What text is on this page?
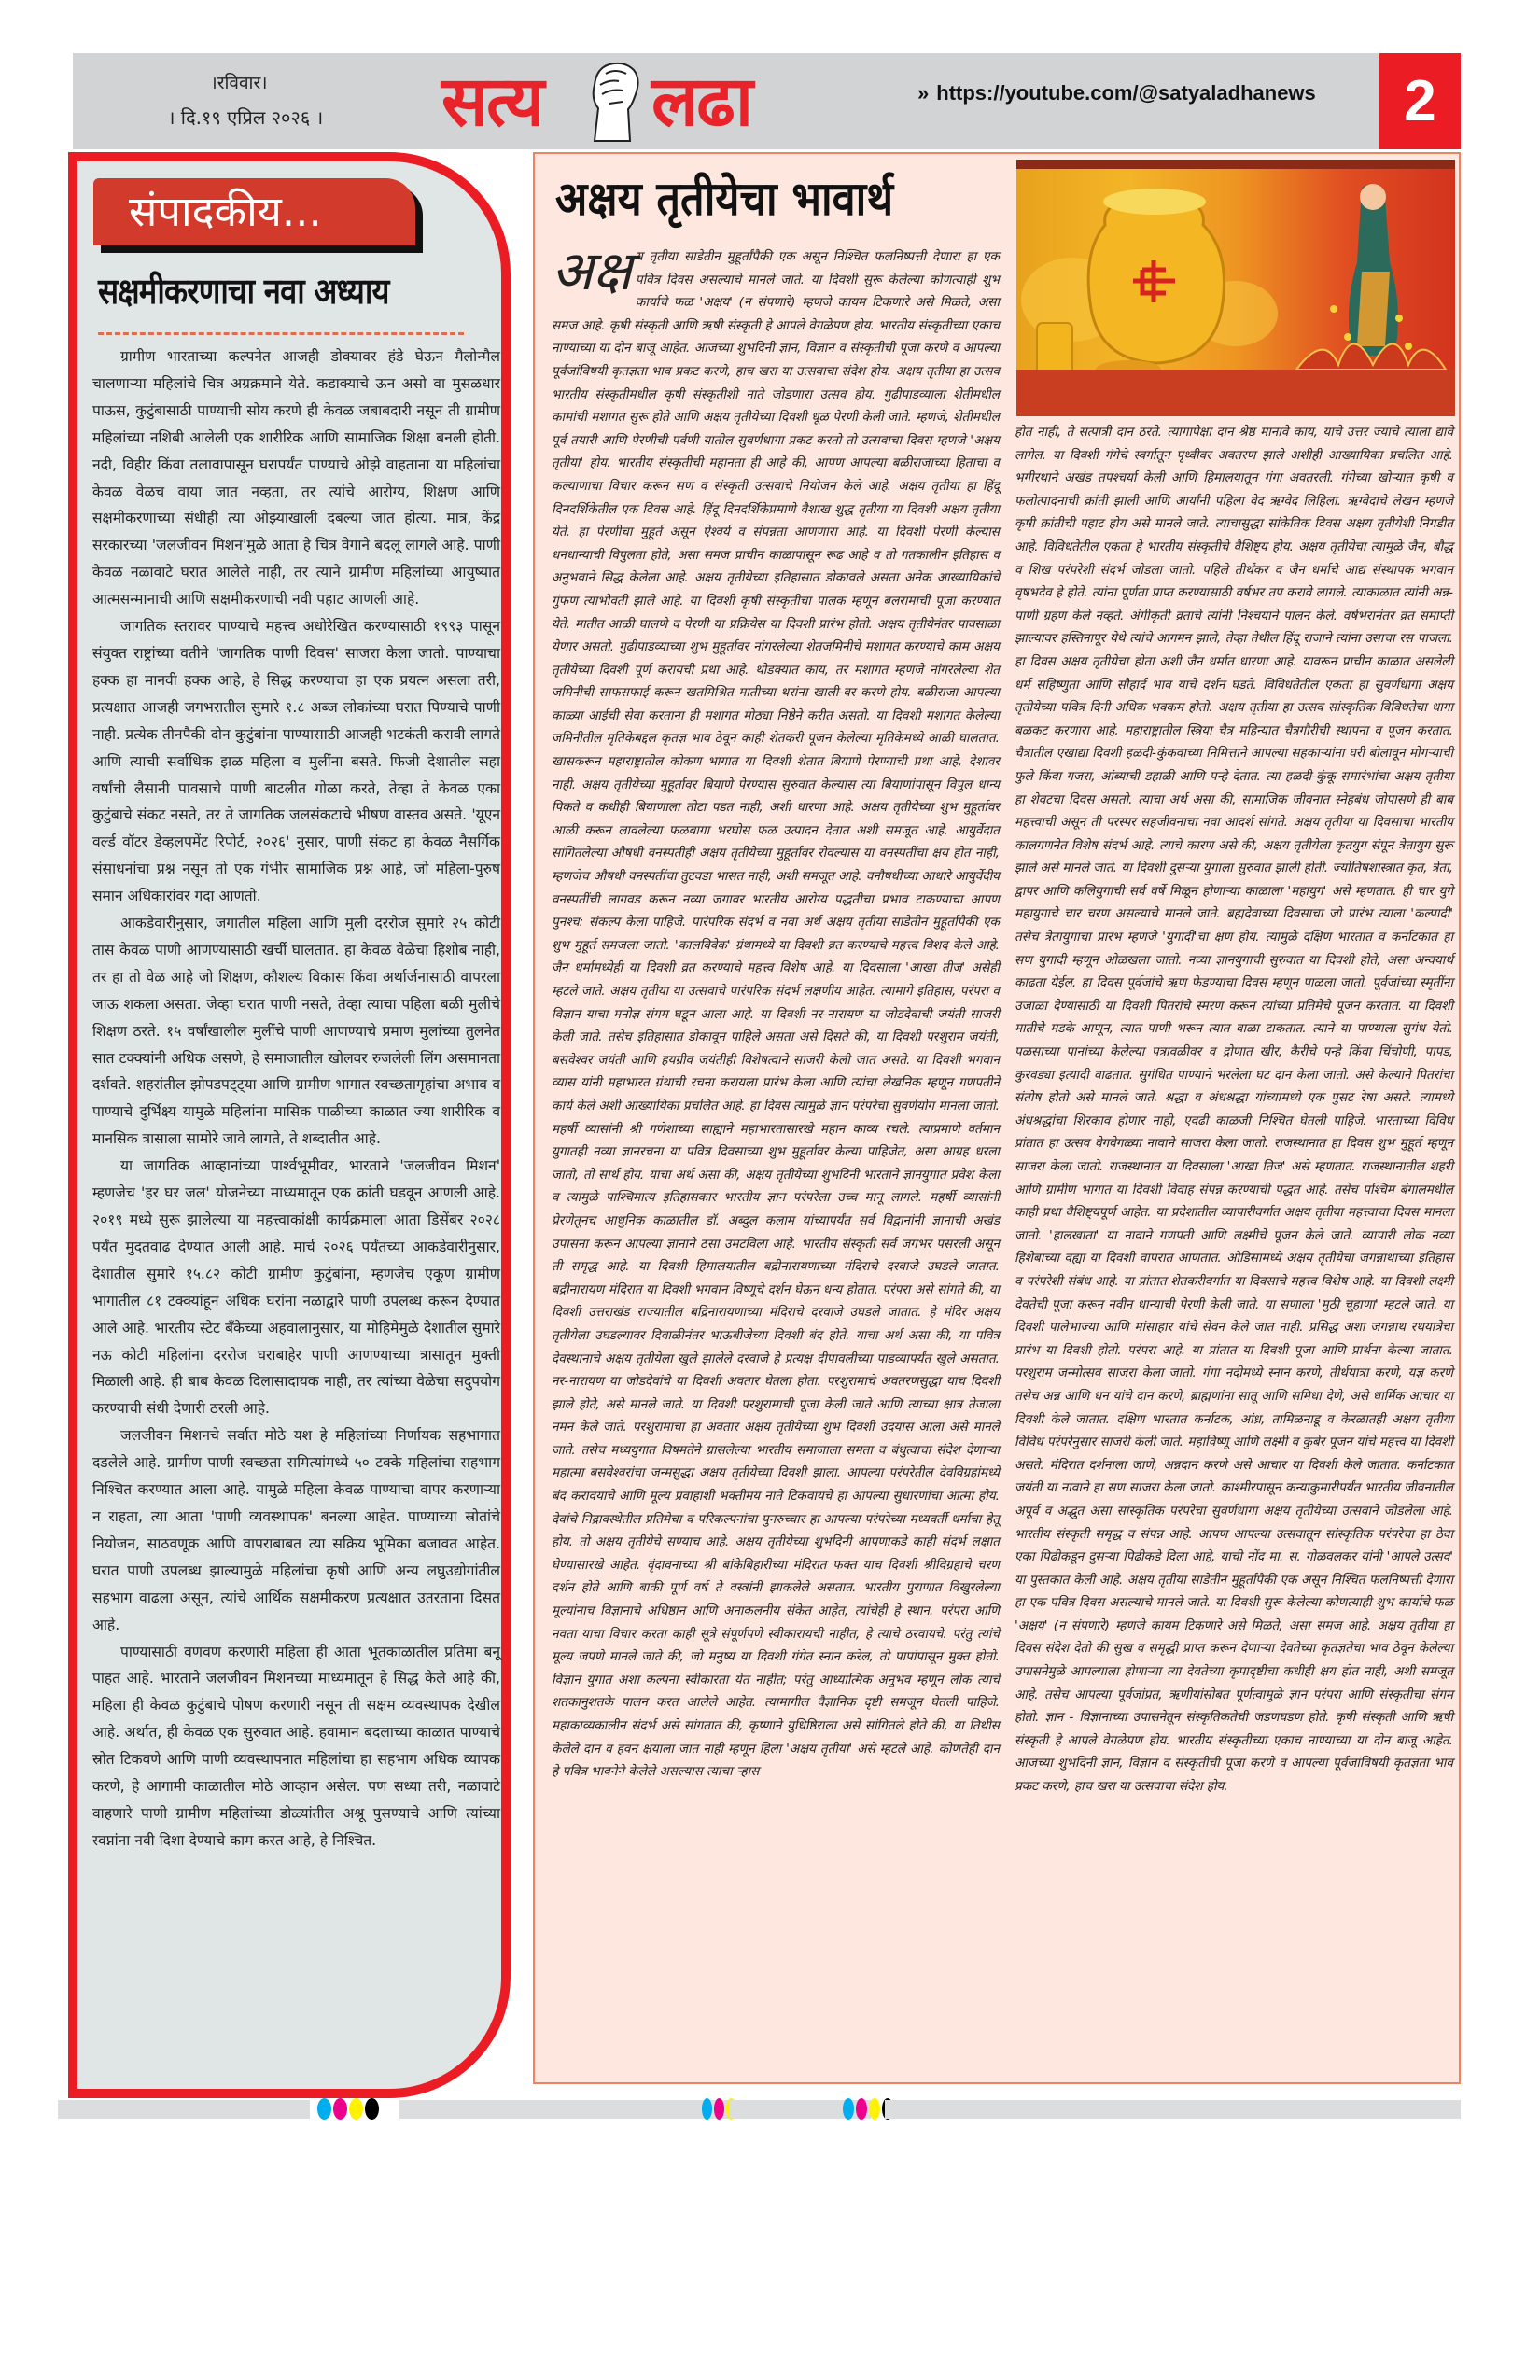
।रविवार।
। दि.१९ एप्रिल २०२६ ।	सत्य लढा	» https://youtube.com/@satyaladhanews	2
संपादकीय...
सक्षमीकरणाचा नवा अध्याय

ग्रामीण भारताच्या कल्पनेत आजही डोक्यावर हंडे घेऊन मैलोन्मैल चालणाऱ्या महिलांचे चित्र अग्रक्रमाने येते. कडाक्याचे ऊन असो वा मुसळधार पाऊस, कुटुंबासाठी पाण्याची सोय करणे ही केवळ जबाबदारी नसून ती ग्रामीण महिलांच्या नशिबी आलेली एक शारीरिक आणि सामाजिक शिक्षा बनली होती. नदी, विहीर किंवा तलावापासून घरापर्यंत पाण्याचे ओझे वाहताना या महिलांचा केवळ वेळच वाया जात नव्हता, तर त्यांचे आरोग्य, शिक्षण आणि सक्षमीकरणाच्या संधीही त्या ओझ्याखाली दबल्या जात होत्या. मात्र, केंद्र सरकारच्या 'जलजीवन मिशन'मुळे आता हे चित्र वेगाने बदलू लागले आहे. पाणी केवळ नळावाटे घरात आलेले नाही, तर त्याने ग्रामीण महिलांच्या आयुष्यात आत्मसन्मानाची आणि सक्षमीकरणाची नवी पहाट आणली आहे.

जागतिक स्तरावर पाण्याचे महत्त्व अधोरेखित करण्यासाठी १९९३ पासून संयुक्त राष्ट्रांच्या वतीने 'जागतिक पाणी दिवस' साजरा केला जातो. पाण्याचा हक्क हा मानवी हक्क आहे, हे सिद्ध करण्याचा हा एक प्रयत्न असला तरी, प्रत्यक्षात आजही जगभरातील सुमारे १.८ अब्ज लोकांच्या घरात पिण्याचे पाणी नाही. प्रत्येक तीनपैकी दोन कुटुंबांना पाण्यासाठी आजही भटकंती करावी लागते आणि त्याची सर्वाधिक झळ महिला व मुलींना बसते. फिजी देशातील सहा वर्षांची लैसानी पावसाचे पाणी बाटलीत गोळा करते, तेव्हा ते केवळ एका कुटुंबाचे संकट नसते, तर ते जागतिक जलसंकटाचे भीषण वास्तव असते. 'यूएन वर्ल्ड वॉटर डेव्हलपमेंट रिपोर्ट, २०२६' नुसार, पाणी संकट हा केवळ नैसर्गिक संसाधनांचा प्रश्न नसून तो एक गंभीर सामाजिक प्रश्न आहे, जो महिला-पुरुष समान अधिकारांवर गदा आणतो.

आकडेवारीनुसार, जगातील महिला आणि मुली दररोज सुमारे २५ कोटी तास केवळ पाणी आणण्यासाठी खर्ची घालतात. हा केवळ वेळेचा हिशोब नाही, तर हा तो वेळ आहे जो शिक्षण, कौशल्य विकास किंवा अर्थार्जनासाठी वापरला जाऊ शकला असता. जेव्हा घरात पाणी नसते, तेव्हा त्याचा पहिला बळी मुलीचे शिक्षण ठरते. १५ वर्षांखालील मुलींचे पाणी आणण्याचे प्रमाण मुलांच्या तुलनेत सात टक्क्यांनी अधिक असणे, हे समाजातील खोलवर रुजलेली लिंग असमानता दर्शवते. शहरांतील झोपडपट्ट्या आणि ग्रामीण भागात स्वच्छतागृहांचा अभाव व पाण्याचे दुर्भिक्ष्य यामुळे महिलांना मासिक पाळीच्या काळात ज्या शारीरिक व मानसिक त्रासाला सामोरे जावे लागते, ते शब्दातीत आहे.

या जागतिक आव्हानांच्या पार्श्वभूमीवर, भारताने 'जलजीवन मिशन' म्हणजेच 'हर घर जल' योजनेच्या माध्यमातून एक क्रांती घडवून आणली आहे. २०१९ मध्ये सुरू झालेल्या या महत्त्वाकांक्षी कार्यक्रमाला आता डिसेंबर २०२८ पर्यंत मुदतवाढ देण्यात आली आहे. मार्च २०२६ पर्यंतच्या आकडेवारीनुसार, देशातील सुमारे १५.८२ कोटी ग्रामीण कुटुंबांना, म्हणजेच एकूण ग्रामीण भागातील ८१ टक्क्यांहून अधिक घरांना नळाद्वारे पाणी उपलब्ध करून देण्यात आले आहे. भारतीय स्टेट बँकेच्या अहवालानुसार, या मोहिमेमुळे देशातील सुमारे नऊ कोटी महिलांना दररोज घराबाहेर पाणी आणण्याच्या त्रासातून मुक्ती मिळाली आहे. ही बाब केवळ दिलासादायक नाही, तर त्यांच्या वेळेचा सदुपयोग करण्याची संधी देणारी ठरली आहे.

जलजीवन मिशनचे सर्वात मोठे यश हे महिलांच्या निर्णायक सहभागात दडलेले आहे. ग्रामीण पाणी स्वच्छता समित्यांमध्ये ५० टक्के महिलांचा सहभाग निश्चित करण्यात आला आहे. यामुळे महिला केवळ पाण्याचा वापर करणाऱ्या न राहता, त्या आता 'पाणी व्यवस्थापक' बनल्या आहेत. पाण्याच्या स्रोतांचे नियोजन, साठवणूक आणि वापराबाबत त्या सक्रिय भूमिका बजावत आहेत. घरात पाणी उपलब्ध झाल्यामुळे महिलांचा कृषी आणि अन्य लघुउद्योगांतील सहभाग वाढला असून, त्यांचे आर्थिक सक्षमीकरण प्रत्यक्षात उतरताना दिसत आहे.

पाण्यासाठी वणवण करणारी महिला ही आता भूतकाळातील प्रतिमा बनू पाहत आहे. भारताने जलजीवन मिशनच्या माध्यमातून हे सिद्ध केले आहे की, महिला ही केवळ कुटुंबाचे पोषण करणारी नसून ती सक्षम व्यवस्थापक देखील आहे. अर्थात, ही केवळ एक सुरुवात आहे. हवामान बदलाच्या काळात पाण्याचे स्रोत टिकवणे आणि पाणी व्यवस्थापनात महिलांचा हा सहभाग अधिक व्यापक करणे, हे आगामी काळातील मोठे आव्हान असेल. पण सध्या तरी, नळावाटे वाहणारे पाणी ग्रामीण महिलांच्या डोळ्यांतील अश्रू पुसण्याचे आणि त्यांच्या स्वप्नांना नवी दिशा देण्याचे काम करत आहे, हे निश्चित.

अक्षय तृतीयेचा भावार्थ
अक्ष य तृतीया साडेतीन मुहूर्तांपैकी एक असून निश्चित फलनिष्पत्ती देणारा हा एक पवित्र दिवस असल्याचे मानले जाते. या दिवशी सुरू केलेल्या कोणत्याही शुभ कार्याचे फळ 'अक्षय' (न संपणारे) म्हणजे कायम टिकणारे असे मिळते, असा समज आहे. कृषी संस्कृती आणि ऋषी संस्कृती हे आपले वेगळेपण होय. भारतीय संस्कृतीच्या एकाच नाण्याच्या या दोन बाजू आहेत. आजच्या शुभदिनी ज्ञान, विज्ञान व संस्कृतीची पूजा करणे व आपल्या पूर्वजांविषयी कृतज्ञता भाव प्रकट करणे, हाच खरा या उत्सवाचा संदेश होय. अक्षय तृतीया हा उत्सव भारतीय संस्कृतीमधील कृषी संस्कृतीशी नाते जोडणारा उत्सव होय. गुढीपाडव्याला शेतीमधील कामांची मशागत सुरू होते आणि अक्षय तृतीयेच्या दिवशी धूळ पेरणी केली जाते. म्हणजे, शेतीमधील पूर्व तयारी आणि पेरणीची पर्वणी यातील सुवर्णधागा प्रकट करतो तो उत्सवाचा दिवस म्हणजे 'अक्षय तृतीया' होय. भारतीय संस्कृतीची महानता ही आहे की, आपण आपल्या बळीराजाच्या हिताचा व कल्याणाचा विचार करून सण व संस्कृती उत्सवाचे नियोजन केले आहे. अक्षय तृतीया हा हिंदू दिनदर्शिकेतील एक दिवस आहे. हिंदू दिनदर्शिकेप्रमाणे वैशाख शुद्ध तृतीया या दिवशी अक्षय तृतीया येते. हा पेरणीचा मुहूर्त असून ऐश्वर्य व संपन्नता आणणारा आहे. या दिवशी पेरणी केल्यास धनधान्याची विपुलता होते, असा समज प्राचीन काळापासून रूढ आहे व तो गतकालीन इतिहास व अनुभवाने सिद्ध केलेला आहे. अक्षय तृतीयेच्या इतिहासात डोकावले असता अनेक आख्यायिकांचे गुंफण त्याभोवती झाले आहे. या दिवशी कृषी संस्कृतीचा पालक म्हणून बलरामाची पूजा करण्यात येते. मातीत आळी घालणे व पेरणी या प्रक्रियेस या दिवशी प्रारंभ होतो. अक्षय तृतीयेनंतर पावसाळा येणार असतो. गुढीपाडव्याच्या शुभ मुहूर्तावर नांगरलेल्या शेतजमिनीचे मशागत करण्याचे काम अक्षय तृतीयेच्या दिवशी पूर्ण करायची प्रथा आहे. थोडक्यात काय, तर मशागत म्हणजे नांगरलेल्या शेत जमिनीची साफसफाई करून खतमिश्रित मातीच्या थरांना खाली-वर करणे होय. बळीराजा आपल्या काळ्या आईची सेवा करताना ही मशागत मोठ्या निष्ठेने करीत असतो. या दिवशी मशागत केलेल्या जमिनीतील मृतिकेबद्दल कृतज्ञ भाव ठेवून काही शेतकरी पूजन केलेल्या मृतिकेमध्ये आळी घालतात. खासकरून महाराष्ट्रातील कोकण भागात या दिवशी शेतात बियाणे पेरण्याची प्रथा आहे, देशावर नाही. अक्षय तृतीयेच्या मुहूर्तावर बियाणे पेरण्यास सुरुवात केल्यास त्या बियाणांपासून विपुल धान्य पिकते व कधीही बियाणाला तोटा पडत नाही, अशी धारणा आहे. अक्षय तृतीयेच्या शुभ मुहूर्तावर आळी करून लावलेल्या फळबागा भरघोस फळ उत्पादन देतात अशी समजूत आहे. आयुर्वेदात सांगितलेल्या औषधी वनस्पतीही अक्षय तृतीयेच्या मुहूर्तावर रोवल्यास या वनस्पतींचा क्षय होत नाही, म्हणजेच औषधी वनस्पतींचा तुटवडा भासत नाही, अशी समजूत आहे. वनौषधीच्या आधारे आयुर्वेदीय वनस्पतींची लागवड करून नव्या जगावर भारतीय आरोग्य पद्धतीचा प्रभाव टाकण्याचा आपण पुनश्च: संकल्प केला पाहिजे. पारंपरिक संदर्भ व नवा अर्थ अक्षय तृतीया साडेतीन मुहूर्तांपैकी एक शुभ मुहूर्त समजला जातो. 'कालविवेक' ग्रंथामध्ये या दिवशी व्रत करण्याचे महत्त्व विशद केले आहे. जैन धर्मामध्येही या दिवशी व्रत करण्याचे महत्त्व विशेष आहे. या दिवसाला 'आखा तीज' असेही म्हटले जाते. अक्षय तृतीया या उत्सवाचे पारंपरिक संदर्भ लक्षणीय आहेत. त्यामागे इतिहास, परंपरा व विज्ञान याचा मनोज्ञ संगम घडून आला आहे. या दिवशी नर-नारायण या जोडदेवाची जयंती साजरी केली जाते. तसेच इतिहासात डोकावून पाहिले असता असे दिसते की, या दिवशी परशुराम जयंती, बसवेश्वर जयंती आणि हयग्रीव जयंतीही विशेषत्वाने साजरी केली जात असते. या दिवशी भगवान व्यास यांनी महाभारत ग्रंथाची रचना करायला प्रारंभ केला आणि त्यांचा लेखनिक म्हणून गणपतीने कार्य केले अशी आख्यायिका प्रचलित आहे. हा दिवस त्यामुळे ज्ञान परंपरेचा सुवर्णयोग मानला जातो. महर्षी व्यासांनी श्री गणेशाच्या साह्याने महाभारतासारखे महान काव्य रचले. त्याप्रमाणे वर्तमान युगातही नव्या ज्ञानरचना या पवित्र दिवसाच्या शुभ मुहूर्तावर केल्या पाहिजेत, असा आग्रह धरला जातो, तो सार्थ होय. याचा अर्थ असा की, अक्षय तृतीयेच्या शुभदिनी भारताने ज्ञानयुगात प्रवेश केला व त्यामुळे पाश्चिमात्य इतिहासकार भारतीय ज्ञान परंपरेला उच्च मानू लागले. महर्षी व्यासांनी प्रेरणेतूनच आधुनिक काळातील डॉ. अब्दुल कलाम यांच्यापर्यंत सर्व विद्वानांनी ज्ञानाची अखंड उपासना करून आपल्या ज्ञानाने ठसा उमटविला आहे. भारतीय संस्कृती सर्व जगभर पसरली असून ती समृद्ध आहे. या दिवशी हिमालयातील बद्रीनारायणाच्या मंदिराचे दरवाजे उघडले जातात. बद्रीनारायण मंदिरात या दिवशी भगवान विष्णूचे दर्शन घेऊन धन्य होतात. परंपरा असे सांगते की, या दिवशी उत्तराखंड राज्यातील बद्रिनारायणाच्या मंदिराचे दरवाजे उघडले जातात. हे मंदिर अक्षय तृतीयेला उघडल्यावर दिवाळीनंतर भाऊबीजेच्या दिवशी बंद होते. याचा अर्थ असा की, या पवित्र देवस्थानाचे अक्षय तृतीयेला खुले झालेले दरवाजे हे प्रत्यक्ष दीपावलीच्या पाडव्यापर्यंत खुले असतात. नर-नारायण या जोडदेवांचे या दिवशी अवतार घेतला होता. परशुरामाचे अवतरणसुद्धा याच दिवशी झाले होते, असे मानले जाते. या दिवशी परशुरामाची पूजा केली जाते आणि त्याच्या क्षात्र तेजाला नमन केले जाते. परशुरामाचा हा अवतार अक्षय तृतीयेच्या शुभ दिवशी उदयास आला असे मानले जाते. तसेच मध्ययुगात विषमतेने ग्रासलेल्या भारतीय समाजाला समता व बंधुत्वाचा संदेश देणाऱ्या महात्मा बसवेश्वरांचा जन्मसुद्धा अक्षय तृतीयेच्या दिवशी झाला. आपल्या परंपरेतील देवविग्रहांमध्ये बंद करावयाचे आणि मूल्य प्रवाहाशी भक्तीमय नाते टिकवायचे हा आपल्या सुधारणांचा आत्मा होय. देवांचे निद्रावस्थेतील प्रतिमेचा व परिकल्पनांचा पुनरुच्चार हा आपल्या परंपरेच्या मध्यवर्ती धर्माचा हेतू होय. तो अक्षय तृतीयेचे सण्याच आहे. अक्षय तृतीयेच्या शुभदिनी आपणाकडे काही संदर्भ लक्षात घेण्यासारखे आहेत. वृंदावनाच्या श्री बांकेबिहारीच्या मंदिरात फक्त याच दिवशी श्रीविग्रहाचे चरण दर्शन होते आणि बाकी पूर्ण वर्ष ते वस्त्रांनी झाकलेले असतात. भारतीय पुराणात विखुरलेल्या मूल्यांनाच विज्ञानाचे अधिष्ठान आणि अनाकलनीय संकेत आहेत, त्यांचेही हे स्थान. परंपरा आणि नवता याचा विचार करता काही सूत्रे संपूर्णपणे स्वीकारायची नाहीत, हे त्याचे ठरवायचे. परंतु त्यांचे मूल्य जपणे मानले जाते की, जो मनुष्य या दिवशी गंगेत स्नान करेल, तो पापांपासून मुक्त होतो. विज्ञान युगात अशा कल्पना स्वीकारता येत नाहीत; परंतु आध्यात्मिक अनुभव म्हणून लोक त्याचे शतकानुशतके पालन करत आलेले आहेत. त्यामागील वैज्ञानिक दृष्टी समजून घेतली पाहिजे. महाकाव्यकालीन संदर्भ असे सांगतात की, कृष्णाने युधिष्ठिराला असे सांगितले होते की, या तिथीस केलेले दान व हवन क्षयाला जात नाही म्हणून हिला 'अक्षय तृतीया' असे म्हटले आहे. कोणतेही दान हे पवित्र भावनेने केलेले असल्यास त्याचा ऱ्हास
होत नाही, ते सत्पात्री दान ठरते. त्यागापेक्षा दान श्रेष्ठ मानावे काय, याचे उत्तर ज्याचे त्याला द्यावे लागेल. या दिवशी गंगेचे स्वर्गातून पृथ्वीवर अवतरण झाले अशीही आख्यायिका प्रचलित आहे. भगीरथाने अखंड तपश्चर्या केली आणि हिमालयातून गंगा अवतरली. गंगेच्या खोऱ्यात कृषी व फलोत्पादनाची क्रांती झाली आणि आर्यांनी पहिला वेद ऋग्वेद लिहिला. ऋग्वेदाचे लेखन म्हणजे कृषी क्रांतीची पहाट होय असे मानले जाते. त्याचासुद्धा सांकेतिक दिवस अक्षय तृतीयेशी निगडीत आहे. विविधतेतील एकता हे भारतीय संस्कृतीचे वैशिष्ट्य होय. अक्षय तृतीयेचा त्यामुळे जैन, बौद्ध व शिख परंपरेशी संदर्भ जोडला जातो. पहिले तीर्थंकर व जैन धर्माचे आद्य संस्थापक भगवान वृषभदेव हे होते. त्यांना पूर्णता प्राप्त करण्यासाठी वर्षभर तप करावे लागले. त्याकाळात त्यांनी अन्न-पाणी ग्रहण केले नव्हते. अंगीकृती व्रताचे त्यांनी निश्चयाने पालन केले. वर्षभरानंतर व्रत समाप्ती झाल्यावर हस्तिनापूर येथे त्यांचे आगमन झाले, तेव्हा तेथील हिंदू राजाने त्यांना उसाचा रस पाजला. हा दिवस अक्षय तृतीयेचा होता अशी जैन धर्मात धारणा आहे. यावरून प्राचीन काळात असलेली धर्म सहिष्णुता आणि सौहार्द भाव याचे दर्शन घडते. विविधतेतील एकता हा सुवर्णधागा अक्षय तृतीयेच्या पवित्र दिनी अधिक भक्कम होतो. अक्षय तृतीया हा उत्सव सांस्कृतिक विविधतेचा धागा बळकट करणारा आहे. महाराष्ट्रातील स्त्रिया चैत्र महिन्यात चैत्रगौरीची स्थापना व पूजन करतात. चैत्रातील एखाद्या दिवशी हळदी-कुंकवाच्या निमित्ताने आपल्या सहकाऱ्यांना घरी बोलावून मोगऱ्याची फुले किंवा गजरा, आंब्याची डहाळी आणि पन्हे देतात. त्या हळदी-कुंकू समारंभांचा अक्षय तृतीया हा शेवटचा दिवस असतो. त्याचा अर्थ असा की, सामाजिक जीवनात स्नेहबंध जोपासणे ही बाब महत्त्वाची असून ती परस्पर सहजीवनाचा नवा आदर्श सांगते. अक्षय तृतीया या दिवसाचा भारतीय कालगणनेत विशेष संदर्भ आहे. त्याचे कारण असे की, अक्षय तृतीयेला कृतयुग संपून त्रेतायुग सुरू झाले असे मानले जाते. या दिवशी दुसऱ्या युगाला सुरुवात झाली होती. ज्योतिषशास्त्रात कृत, त्रेता, द्वापर आणि कलियुगाची सर्व वर्षे मिळून होणाऱ्या काळाला 'महायुग' असे म्हणतात. ही चार युगे महायुगाचे चार चरण असल्याचे मानले जाते. ब्रह्मदेवाच्या दिवसाचा जो प्रारंभ त्याला 'कल्पादी' तसेच त्रेतायुगाचा प्रारंभ म्हणजे 'युगादी'चा क्षण होय. त्यामुळे दक्षिण भारतात व कर्नाटकात हा सण युगादी म्हणून ओळखला जातो. नव्या ज्ञानयुगाची सुरुवात या दिवशी होते, असा अन्वयार्थ काढता येईल. हा दिवस पूर्वजांचे ऋण फेडण्याचा दिवस म्हणून पाळला जातो. पूर्वजांच्या स्मृतींना उजाळा देण्यासाठी या दिवशी पितरांचे स्मरण करून त्यांच्या प्रतिमेचे पूजन करतात. या दिवशी मातीचे मडके आणून, त्यात पाणी भरून त्यात वाळा टाकतात. त्याने या पाण्याला सुगंध येतो. पळसाच्या पानांच्या केलेल्या पत्रावळीवर व द्रोणात खीर, कैरीचे पन्हे किंवा चिंचोणी, पापड, कुरवड्या इत्यादी वाढतात. सुगंधित पाण्याने भरलेला घट दान केला जातो. असे केल्याने पितरांचा संतोष होतो असे मानले जाते. श्रद्धा व अंधश्रद्धा यांच्यामध्ये एक पुसट रेषा असते. त्यामध्ये अंधश्रद्धांचा शिरकाव होणार नाही, एवढी काळजी निश्चित घेतली पाहिजे. भारताच्या विविध प्रांतात हा उत्सव वेगवेगळ्या नावाने साजरा केला जातो. राजस्थानात हा दिवस शुभ मुहूर्त म्हणून साजरा केला जातो. राजस्थानात या दिवसाला 'आखा तिज' असे म्हणतात. राजस्थानातील शहरी आणि ग्रामीण भागात या दिवशी विवाह संपन्न करण्याची पद्धत आहे. तसेच पश्चिम बंगालमधील काही प्रथा वैशिष्ट्यपूर्ण आहेत. या प्रदेशातील व्यापारीवर्गात अक्षय तृतीया महत्त्वाचा दिवस मानला जातो. 'हालखाता' या नावाने गणपती आणि लक्ष्मीचे पूजन केले जाते. व्यापारी लोक नव्या हिशेबाच्या वह्या या दिवशी वापरात आणतात. ओडिसामध्ये अक्षय तृतीयेचा जगन्नाथाच्या इतिहास व परंपरेशी संबंध आहे. या प्रांतात शेतकरीवर्गात या दिवसाचे महत्त्व विशेष आहे. या दिवशी लक्ष्मी देवतेची पूजा करून नवीन धान्याची पेरणी केली जाते. या सणाला 'मुठी चूहाणा' म्हटले जाते. या दिवशी पालेभाज्या आणि मांसाहार यांचे सेवन केले जात नाही. प्रसिद्ध अशा जगन्नाथ रथयात्रेचा प्रारंभ या दिवशी होतो. परंपरा आहे. या प्रांतात या दिवशी पूजा आणि प्रार्थना केल्या जातात. परशुराम जन्मोत्सव साजरा केला जातो. गंगा नदीमध्ये स्नान करणे, तीर्थयात्रा करणे, यज्ञ करणे तसेच अन्न आणि धन यांचे दान करणे, ब्राह्मणांना सातू आणि समिधा देणे, असे धार्मिक आचार या दिवशी केले जातात. दक्षिण भारतात कर्नाटक, आंध्र, तामिळनाडू व केरळातही अक्षय तृतीया विविध परंपरेनुसार साजरी केली जाते. महाविष्णू आणि लक्ष्मी व कुबेर पूजन यांचे महत्त्व या दिवशी असते. मंदिरात दर्शनाला जाणे, अन्नदान करणे असे आचार या दिवशी केले जातात. कर्नाटकात जयंती या नावाने हा सण साजरा केला जातो. काश्मीरपासून कन्याकुमारीपर्यंत भारतीय जीवनातील अपूर्व व अद्भुत असा सांस्कृतिक परंपरेचा सुवर्णधागा अक्षय तृतीयेच्या उत्सवाने जोडलेला आहे. भारतीय संस्कृती समृद्ध व संपन्न आहे. आपण आपल्या उत्सवातून सांस्कृतिक परंपरेचा हा ठेवा एका पिढीकडून दुसऱ्या पिढीकडे दिला आहे, याची नोंद मा. स. गोळवलकर यांनी 'आपले उत्सव' या पुस्तकात केली आहे. अक्षय तृतीया साडेतीन मुहूर्तांपैकी एक असून निश्चित फलनिष्पत्ती देणारा हा एक पवित्र दिवस असल्याचे मानले जाते. या दिवशी सुरू केलेल्या कोणत्याही शुभ कार्याचे फळ 'अक्षय' (न संपणारे) म्हणजे कायम टिकणारे असे मिळते, असा समज आहे. अक्षय तृतीया हा दिवस संदेश देतो की सुख व समृद्धी प्राप्त करून देणाऱ्या देवतेच्या कृतज्ञतेचा भाव ठेवून केलेल्या उपासनेमुळे आपल्याला होणाऱ्या त्या देवतेच्या कृपादृष्टीचा कधीही क्षय होत नाही, अशी समजूत आहे. तसेच आपल्या पूर्वजांप्रत, ऋणीयांसोबत पूर्णत्वामुळे ज्ञान परंपरा आणि संस्कृतीचा संगम होतो. ज्ञान - विज्ञानाच्या उपासनेतून संस्कृतिकतेची जडणघडण होते. कृषी संस्कृती आणि ऋषी संस्कृती हे आपले वेगळेपण होय. भारतीय संस्कृतीच्या एकाच नाण्याच्या या दोन बाजू आहेत. आजच्या शुभदिनी ज्ञान, विज्ञान व संस्कृतीची पूजा करणे व आपल्या पूर्वजांविषयी कृतज्ञता भाव प्रकट करणे, हाच खरा या उत्सवाचा संदेश होय.
